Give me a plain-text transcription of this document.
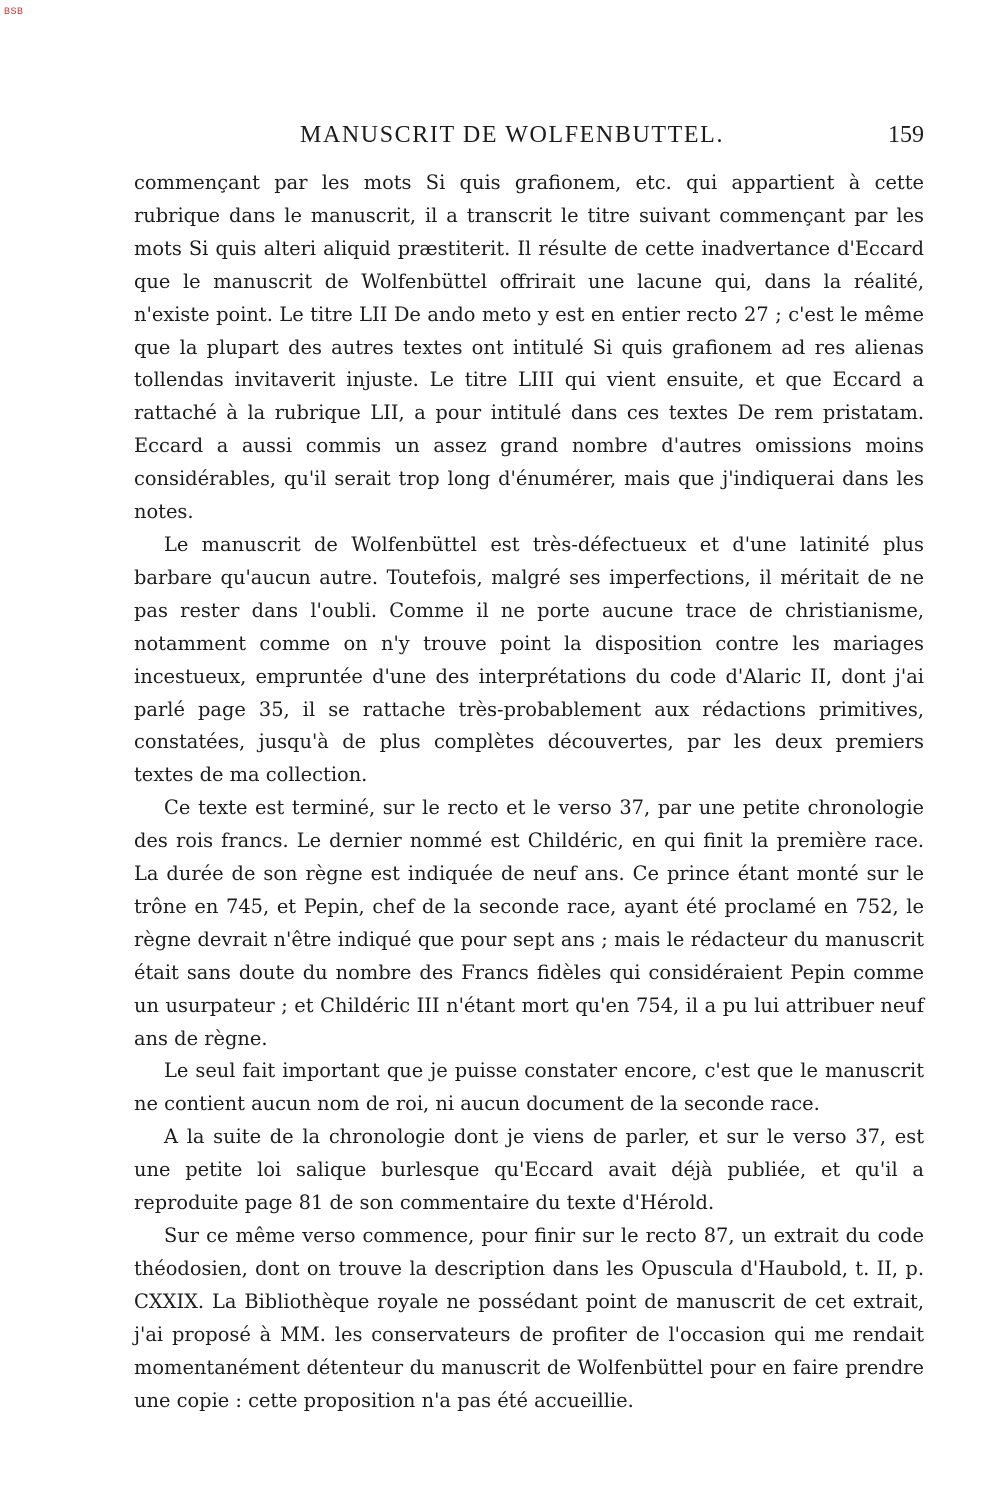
BSB
MANUSCRIT DE WOLFENBUTTEL.	159

commençant par les mots Si quis grafionem, etc. qui appartient à cette rubrique dans le manuscrit, il a transcrit le titre suivant commençant par les mots Si quis alteri aliquid præstiterit. Il résulte de cette inadvertance d'Eccard que le manuscrit de Wolfenbüttel offrirait une lacune qui, dans la réalité, n'existe point. Le titre LII De ando meto y est en entier recto 27 ; c'est le même que la plupart des autres textes ont intitulé Si quis grafionem ad res alienas tollendas invitaverit injuste. Le titre LIII qui vient ensuite, et que Eccard a rattaché à la rubrique LII, a pour intitulé dans ces textes De rem pristatam. Eccard a aussi commis un assez grand nombre d'autres omissions moins considérables, qu'il serait trop long d'énumérer, mais que j'indiquerai dans les notes.

Le manuscrit de Wolfenbüttel est très-défectueux et d'une latinité plus barbare qu'aucun autre. Toutefois, malgré ses imperfections, il méritait de ne pas rester dans l'oubli. Comme il ne porte aucune trace de christianisme, notamment comme on n'y trouve point la disposition contre les mariages incestueux, empruntée d'une des interprétations du code d'Alaric II, dont j'ai parlé page 35, il se rattache très-probablement aux rédactions primitives, constatées, jusqu'à de plus complètes découvertes, par les deux premiers textes de ma collection.

Ce texte est terminé, sur le recto et le verso 37, par une petite chronologie des rois francs. Le dernier nommé est Childéric, en qui finit la première race. La durée de son règne est indiquée de neuf ans. Ce prince étant monté sur le trône en 745, et Pepin, chef de la seconde race, ayant été proclamé en 752, le règne devrait n'être indiqué que pour sept ans ; mais le rédacteur du manuscrit était sans doute du nombre des Francs fidèles qui considéraient Pepin comme un usurpateur ; et Childéric III n'étant mort qu'en 754, il a pu lui attribuer neuf ans de règne.

Le seul fait important que je puisse constater encore, c'est que le manuscrit ne contient aucun nom de roi, ni aucun document de la seconde race.

A la suite de la chronologie dont je viens de parler, et sur le verso 37, est une petite loi salique burlesque qu'Eccard avait déjà publiée, et qu'il a reproduite page 81 de son commentaire du texte d'Hérold.

Sur ce même verso commence, pour finir sur le recto 87, un extrait du code théodosien, dont on trouve la description dans les Opuscula d'Haubold, t. II, p. CXXIX. La Bibliothèque royale ne possédant point de manuscrit de cet extrait, j'ai proposé à MM. les conservateurs de profiter de l'occasion qui me rendait momentanément détenteur du manuscrit de Wolfenbüttel pour en faire prendre une copie : cette proposition n'a pas été accueillie.
